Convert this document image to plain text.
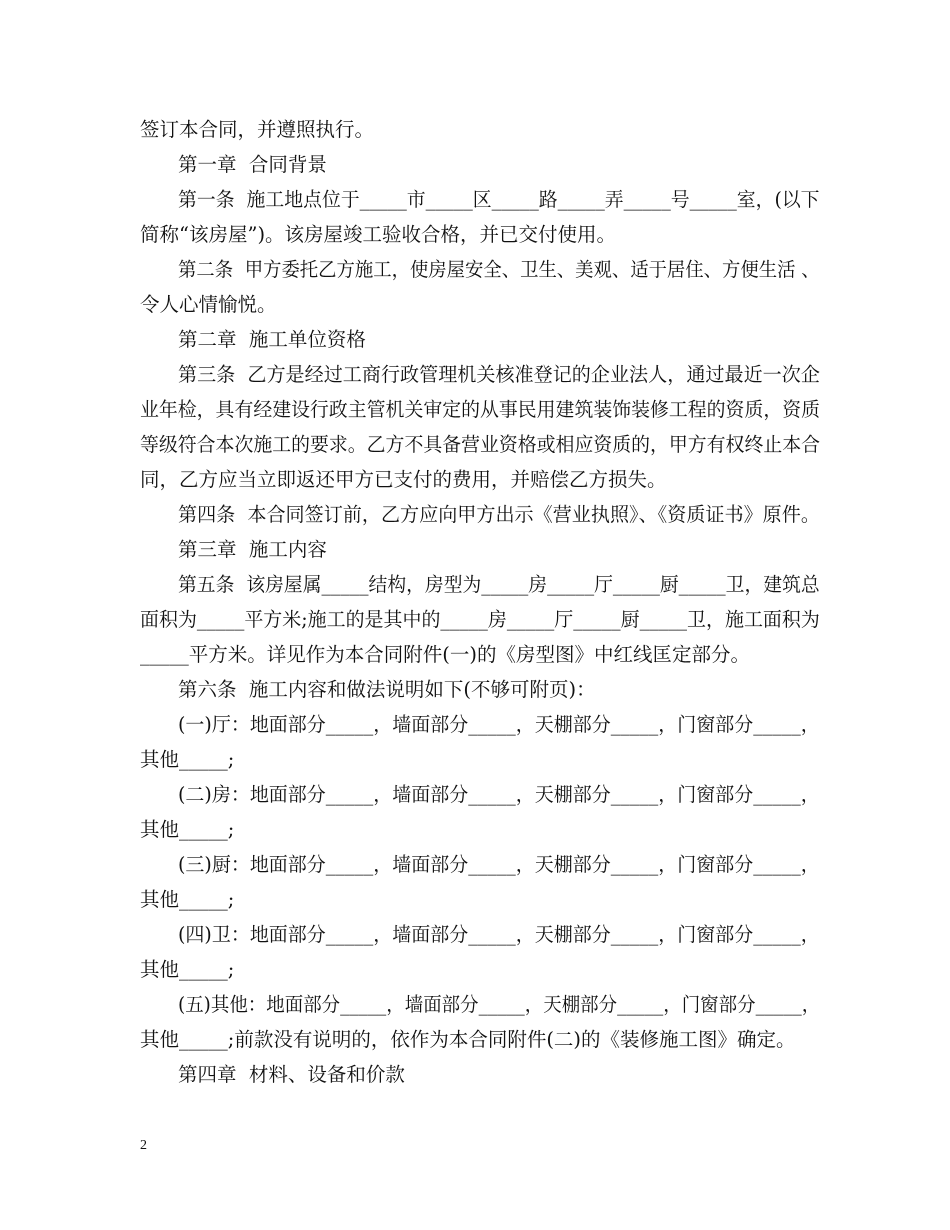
签订本合同，并遵照执行。

第一章  合同背景

第一条  施工地点位于_____市_____区_____路_____弄_____号_____室，(以下

简称“该房屋”)。该房屋竣工验收合格，并已交付使用。

第二条  甲方委托乙方施工，使房屋安全、卫生、美观、适于居住、方便生活 、

令人心情愉悦。

第二章  施工单位资格

第三条  乙方是经过工商行政管理机关核准登记的企业法人，通过最近一次企

业年检，具有经建设行政主管机关审定的从事民用建筑装饰装修工程的资质，资质

等级符合本次施工的要求。乙方不具备营业资格或相应资质的，甲方有权终止本合

同，乙方应当立即返还甲方已支付的费用，并赔偿乙方损失。

第四条  本合同签订前，乙方应向甲方出示《营业执照》、《资质证书》原件。

第三章  施工内容

第五条  该房屋属_____结构，房型为_____房_____厅_____厨_____卫，建筑总

面积为_____平方米;施工的是其中的_____房_____厅_____厨_____卫，施工面积为

_____平方米。详见作为本合同附件(一)的《房型图》中红线匡定部分。

第六条  施工内容和做法说明如下(不够可附页)：

(一)厅：地面部分_____，墙面部分_____，天棚部分_____，门窗部分_____，

其他_____;

(二)房：地面部分_____，墙面部分_____，天棚部分_____，门窗部分_____，

其他_____;

(三)厨：地面部分_____，墙面部分_____，天棚部分_____，门窗部分_____，

其他_____;

(四)卫：地面部分_____，墙面部分_____，天棚部分_____，门窗部分_____，

其他_____;

(五)其他：地面部分_____，墙面部分_____，天棚部分_____，门窗部分_____，

其他_____;前款没有说明的，依作为本合同附件(二)的《装修施工图》确定。

第四章  材料、设备和价款

2
